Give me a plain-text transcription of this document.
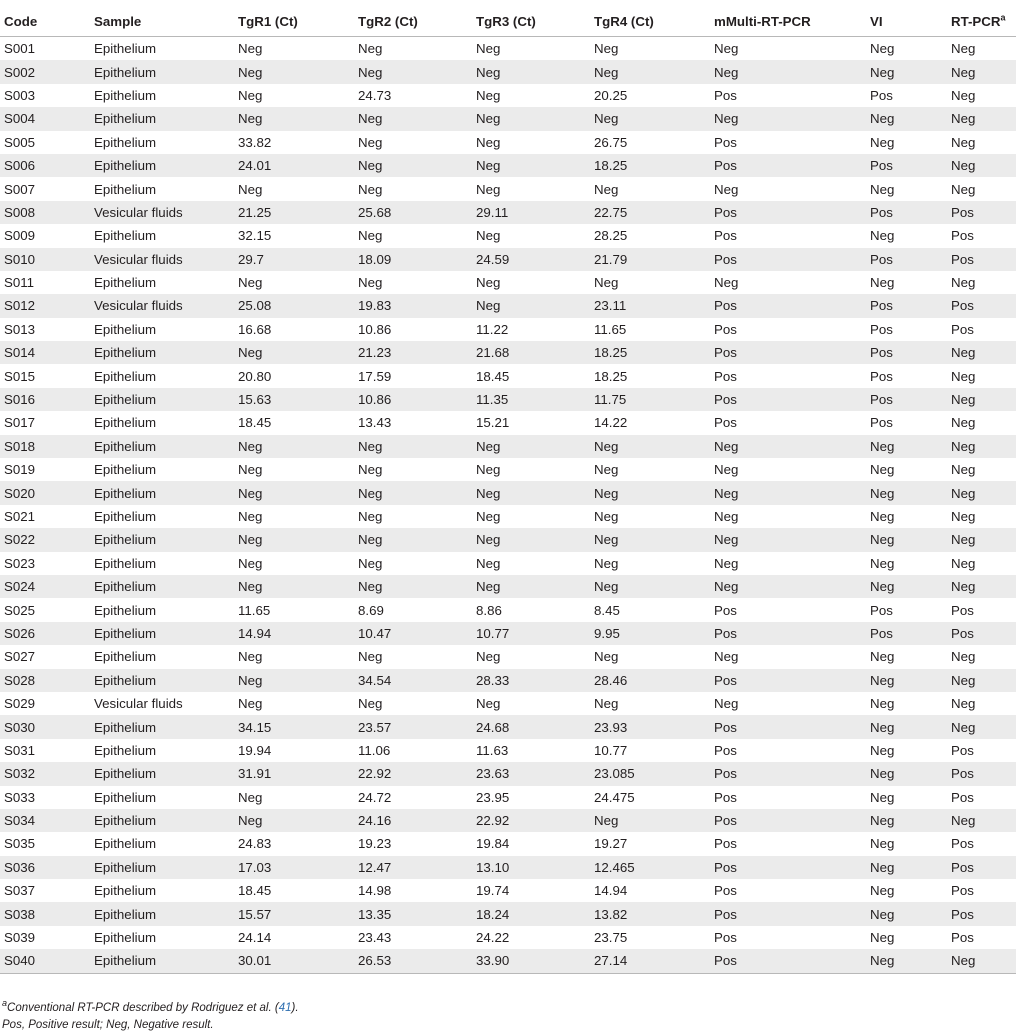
Code	Sample	TgR1 (Ct)	TgR2 (Ct)	TgR3 (Ct)	TgR4 (Ct)	mMulti-RT-PCR	VI	RT-PCR$^a$
S001	Epithelium	Neg	Neg	Neg	Neg	Neg	Neg	Neg
S002	Epithelium	Neg	Neg	Neg	Neg	Neg	Neg	Neg
S003	Epithelium	Neg	24.73	Neg	20.25	Pos	Pos	Neg
S004	Epithelium	Neg	Neg	Neg	Neg	Neg	Neg	Neg
S005	Epithelium	33.82	Neg	Neg	26.75	Pos	Neg	Neg
S006	Epithelium	24.01	Neg	Neg	18.25	Pos	Pos	Neg
S007	Epithelium	Neg	Neg	Neg	Neg	Neg	Neg	Neg
S008	Vesicular fluids	21.25	25.68	29.11	22.75	Pos	Pos	Pos
S009	Epithelium	32.15	Neg	Neg	28.25	Pos	Neg	Pos
S010	Vesicular fluids	29.7	18.09	24.59	21.79	Pos	Pos	Pos
S011	Epithelium	Neg	Neg	Neg	Neg	Neg	Neg	Neg
S012	Vesicular fluids	25.08	19.83	Neg	23.11	Pos	Pos	Pos
S013	Epithelium	16.68	10.86	11.22	11.65	Pos	Pos	Pos
S014	Epithelium	Neg	21.23	21.68	18.25	Pos	Pos	Neg
S015	Epithelium	20.80	17.59	18.45	18.25	Pos	Pos	Neg
S016	Epithelium	15.63	10.86	11.35	11.75	Pos	Pos	Neg
S017	Epithelium	18.45	13.43	15.21	14.22	Pos	Pos	Neg
S018	Epithelium	Neg	Neg	Neg	Neg	Neg	Neg	Neg
S019	Epithelium	Neg	Neg	Neg	Neg	Neg	Neg	Neg
S020	Epithelium	Neg	Neg	Neg	Neg	Neg	Neg	Neg
S021	Epithelium	Neg	Neg	Neg	Neg	Neg	Neg	Neg
S022	Epithelium	Neg	Neg	Neg	Neg	Neg	Neg	Neg
S023	Epithelium	Neg	Neg	Neg	Neg	Neg	Neg	Neg
S024	Epithelium	Neg	Neg	Neg	Neg	Neg	Neg	Neg
S025	Epithelium	11.65	8.69	8.86	8.45	Pos	Pos	Pos
S026	Epithelium	14.94	10.47	10.77	9.95	Pos	Pos	Pos
S027	Epithelium	Neg	Neg	Neg	Neg	Neg	Neg	Neg
S028	Epithelium	Neg	34.54	28.33	28.46	Pos	Neg	Neg
S029	Vesicular fluids	Neg	Neg	Neg	Neg	Neg	Neg	Neg
S030	Epithelium	34.15	23.57	24.68	23.93	Pos	Neg	Neg
S031	Epithelium	19.94	11.06	11.63	10.77	Pos	Neg	Pos
S032	Epithelium	31.91	22.92	23.63	23.085	Pos	Neg	Pos
S033	Epithelium	Neg	24.72	23.95	24.475	Pos	Neg	Pos
S034	Epithelium	Neg	24.16	22.92	Neg	Pos	Neg	Neg
S035	Epithelium	24.83	19.23	19.84	19.27	Pos	Neg	Pos
S036	Epithelium	17.03	12.47	13.10	12.465	Pos	Neg	Pos
S037	Epithelium	18.45	14.98	19.74	14.94	Pos	Neg	Pos
S038	Epithelium	15.57	13.35	18.24	13.82	Pos	Neg	Pos
S039	Epithelium	24.14	23.43	24.22	23.75	Pos	Neg	Pos
S040	Epithelium	30.01	26.53	33.90	27.14	Pos	Neg	Neg
$^a$Conventional RT-PCR described by Rodriguez et al. (41).
Pos, Positive result; Neg, Negative result.
